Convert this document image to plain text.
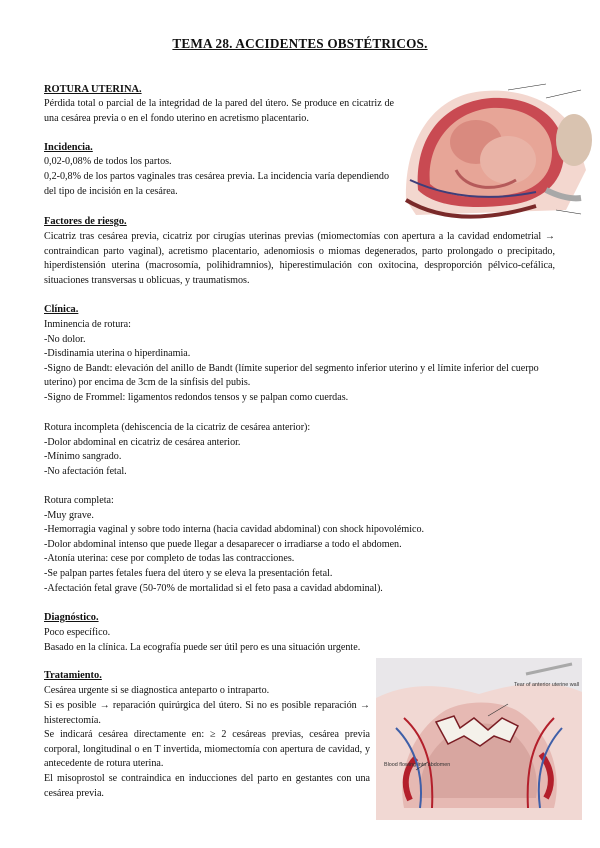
TEMA 28. ACCIDENTES OBSTÉTRICOS.
ROTURA UTERINA.
Pérdida total o parcial de la integridad de la pared del útero. Se produce en cicatriz de una cesárea previa o en el fondo uterino en acretismo placentario.
Incidencia.
0,02-0,08% de todos los partos.
0,2-0,8% de los partos vaginales tras cesárea previa. La incidencia varía dependiendo del tipo de incisión en la cesárea.
Factores de riesgo.
Cicatriz tras cesárea previa, cicatriz por cirugías uterinas previas (miomectomías con apertura a la cavidad endometrial → contraindican parto vaginal), acretismo placentario, adenomiosis o miomas degenerados, parto prolongado o precipitado, hiperdistensión uterina (macrosomía, polihidramnios), hiperestimulación con oxitocina, desproporción pélvico-cefálica, situaciones transversas u oblicuas, y traumatismos.
Clínica.
Inminencia de rotura:
-No dolor.
-Disdinamia uterina o hiperdinamia.
-Signo de Bandt: elevación del anillo de Bandt (límite superior del segmento inferior uterino y el límite inferior del cuerpo uterino) por encima de 3cm de la sínfisis del pubis.
-Signo de Frommel: ligamentos redondos tensos y se palpan como cuerdas.
Rotura incompleta (dehiscencia de la cicatriz de cesárea anterior):
-Dolor abdominal en cicatriz de cesárea anterior.
-Mínimo sangrado.
-No afectación fetal.
Rotura completa:
-Muy grave.
-Hemorragia vaginal y sobre todo interna (hacia cavidad abdominal) con shock hipovolémico.
-Dolor abdominal intenso que puede llegar a desaparecer o irradiarse a todo el abdomen.
-Atonía uterina: cese por completo de todas las contracciones.
-Se palpan partes fetales fuera del útero y se eleva la presentación fetal.
-Afectación fetal grave (50-70% de mortalidad si el feto pasa a cavidad abdominal).
Diagnóstico.
Poco específico.
Basado en la clínica. La ecografía puede ser útil pero es una situación urgente.
Tratamiento.
Cesárea urgente si se diagnostica anteparto o intraparto.
Si es posible → reparación quirúrgica del útero. Si no es posible reparación → histerectomía.
Se indicará cesárea directamente en: ≥ 2 cesáreas previas, cesárea previa corporal, longitudinal o en T invertida, miomectomía con apertura de cavidad, y antecedente de rotura uterina.
El misoprostol se contraindica en inducciones del parto en gestantes con una cesárea previa.
Tear of anterior uterine wall
Blood flowing into abdomen
